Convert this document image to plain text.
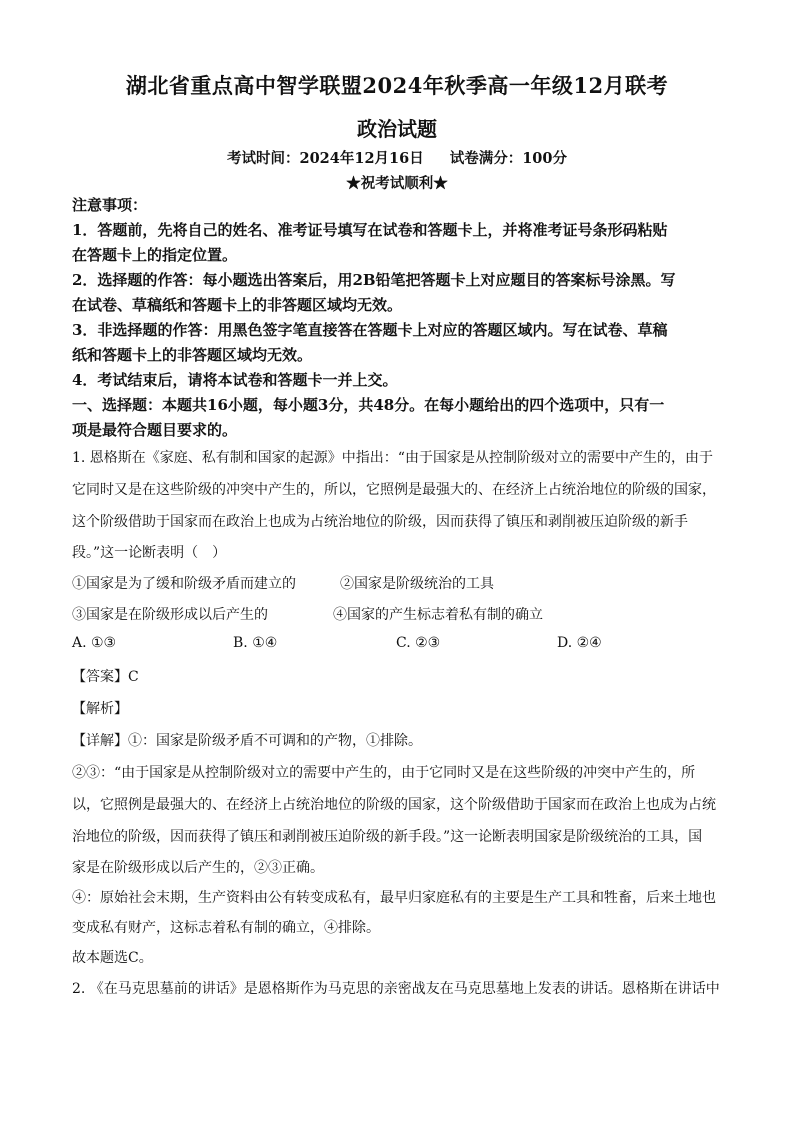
湖北省重点高中智学联盟2024年秋季高一年级12月联考
政治试题
考试时间：2024年12月16日 试卷满分：100分
★祝考试顺利★
注意事项：
1．答题前，先将自己的姓名、准考证号填写在试卷和答题卡上，并将准考证号条形码粘贴
在答题卡上的指定位置。
2．选择题的作答：每小题选出答案后，用2B铅笔把答题卡上对应题目的答案标号涂黑。写
在试卷、草稿纸和答题卡上的非答题区域均无效。
3．非选择题的作答：用黑色签字笔直接答在答题卡上对应的答题区域内。写在试卷、草稿
纸和答题卡上的非答题区域均无效。
4．考试结束后，请将本试卷和答题卡一并上交。
一、选择题：本题共16小题，每小题3分，共48分。在每小题给出的四个选项中，只有一
项是最符合题目要求的。
1. 恩格斯在《家庭、私有制和国家的起源》中指出：“由于国家是从控制阶级对立的需要中产生的，由于
它同时又是在这些阶级的冲突中产生的，所以，它照例是最强大的、在经济上占统治地位的阶级的国家，
这个阶级借助于国家而在政治上也成为占统治地位的阶级，因而获得了镇压和剥削被压迫阶级的新手
段。”这一论断表明（　）
①国家是为了缓和阶级矛盾而建立的	②国家是阶级统治的工具
③国家是在阶级形成以后产生的	④国家的产生标志着私有制的确立
A. ①③	B. ①④	C. ②③	D. ②④
【答案】C
【解析】
【详解】①：国家是阶级矛盾不可调和的产物，①排除。
②③：“由于国家是从控制阶级对立的需要中产生的，由于它同时又是在这些阶级的冲突中产生的，所
以，它照例是最强大的、在经济上占统治地位的阶级的国家，这个阶级借助于国家而在政治上也成为占统
治地位的阶级，因而获得了镇压和剥削被压迫阶级的新手段。”这一论断表明国家是阶级统治的工具，国
家是在阶级形成以后产生的，②③正确。
④：原始社会末期，生产资料由公有转变成私有，最早归家庭私有的主要是生产工具和牲畜，后来土地也
变成私有财产，这标志着私有制的确立，④排除。
故本题选C。
2. 《在马克思墓前的讲话》是恩格斯作为马克思的亲密战友在马克思墓地上发表的讲话。恩格斯在讲话中
